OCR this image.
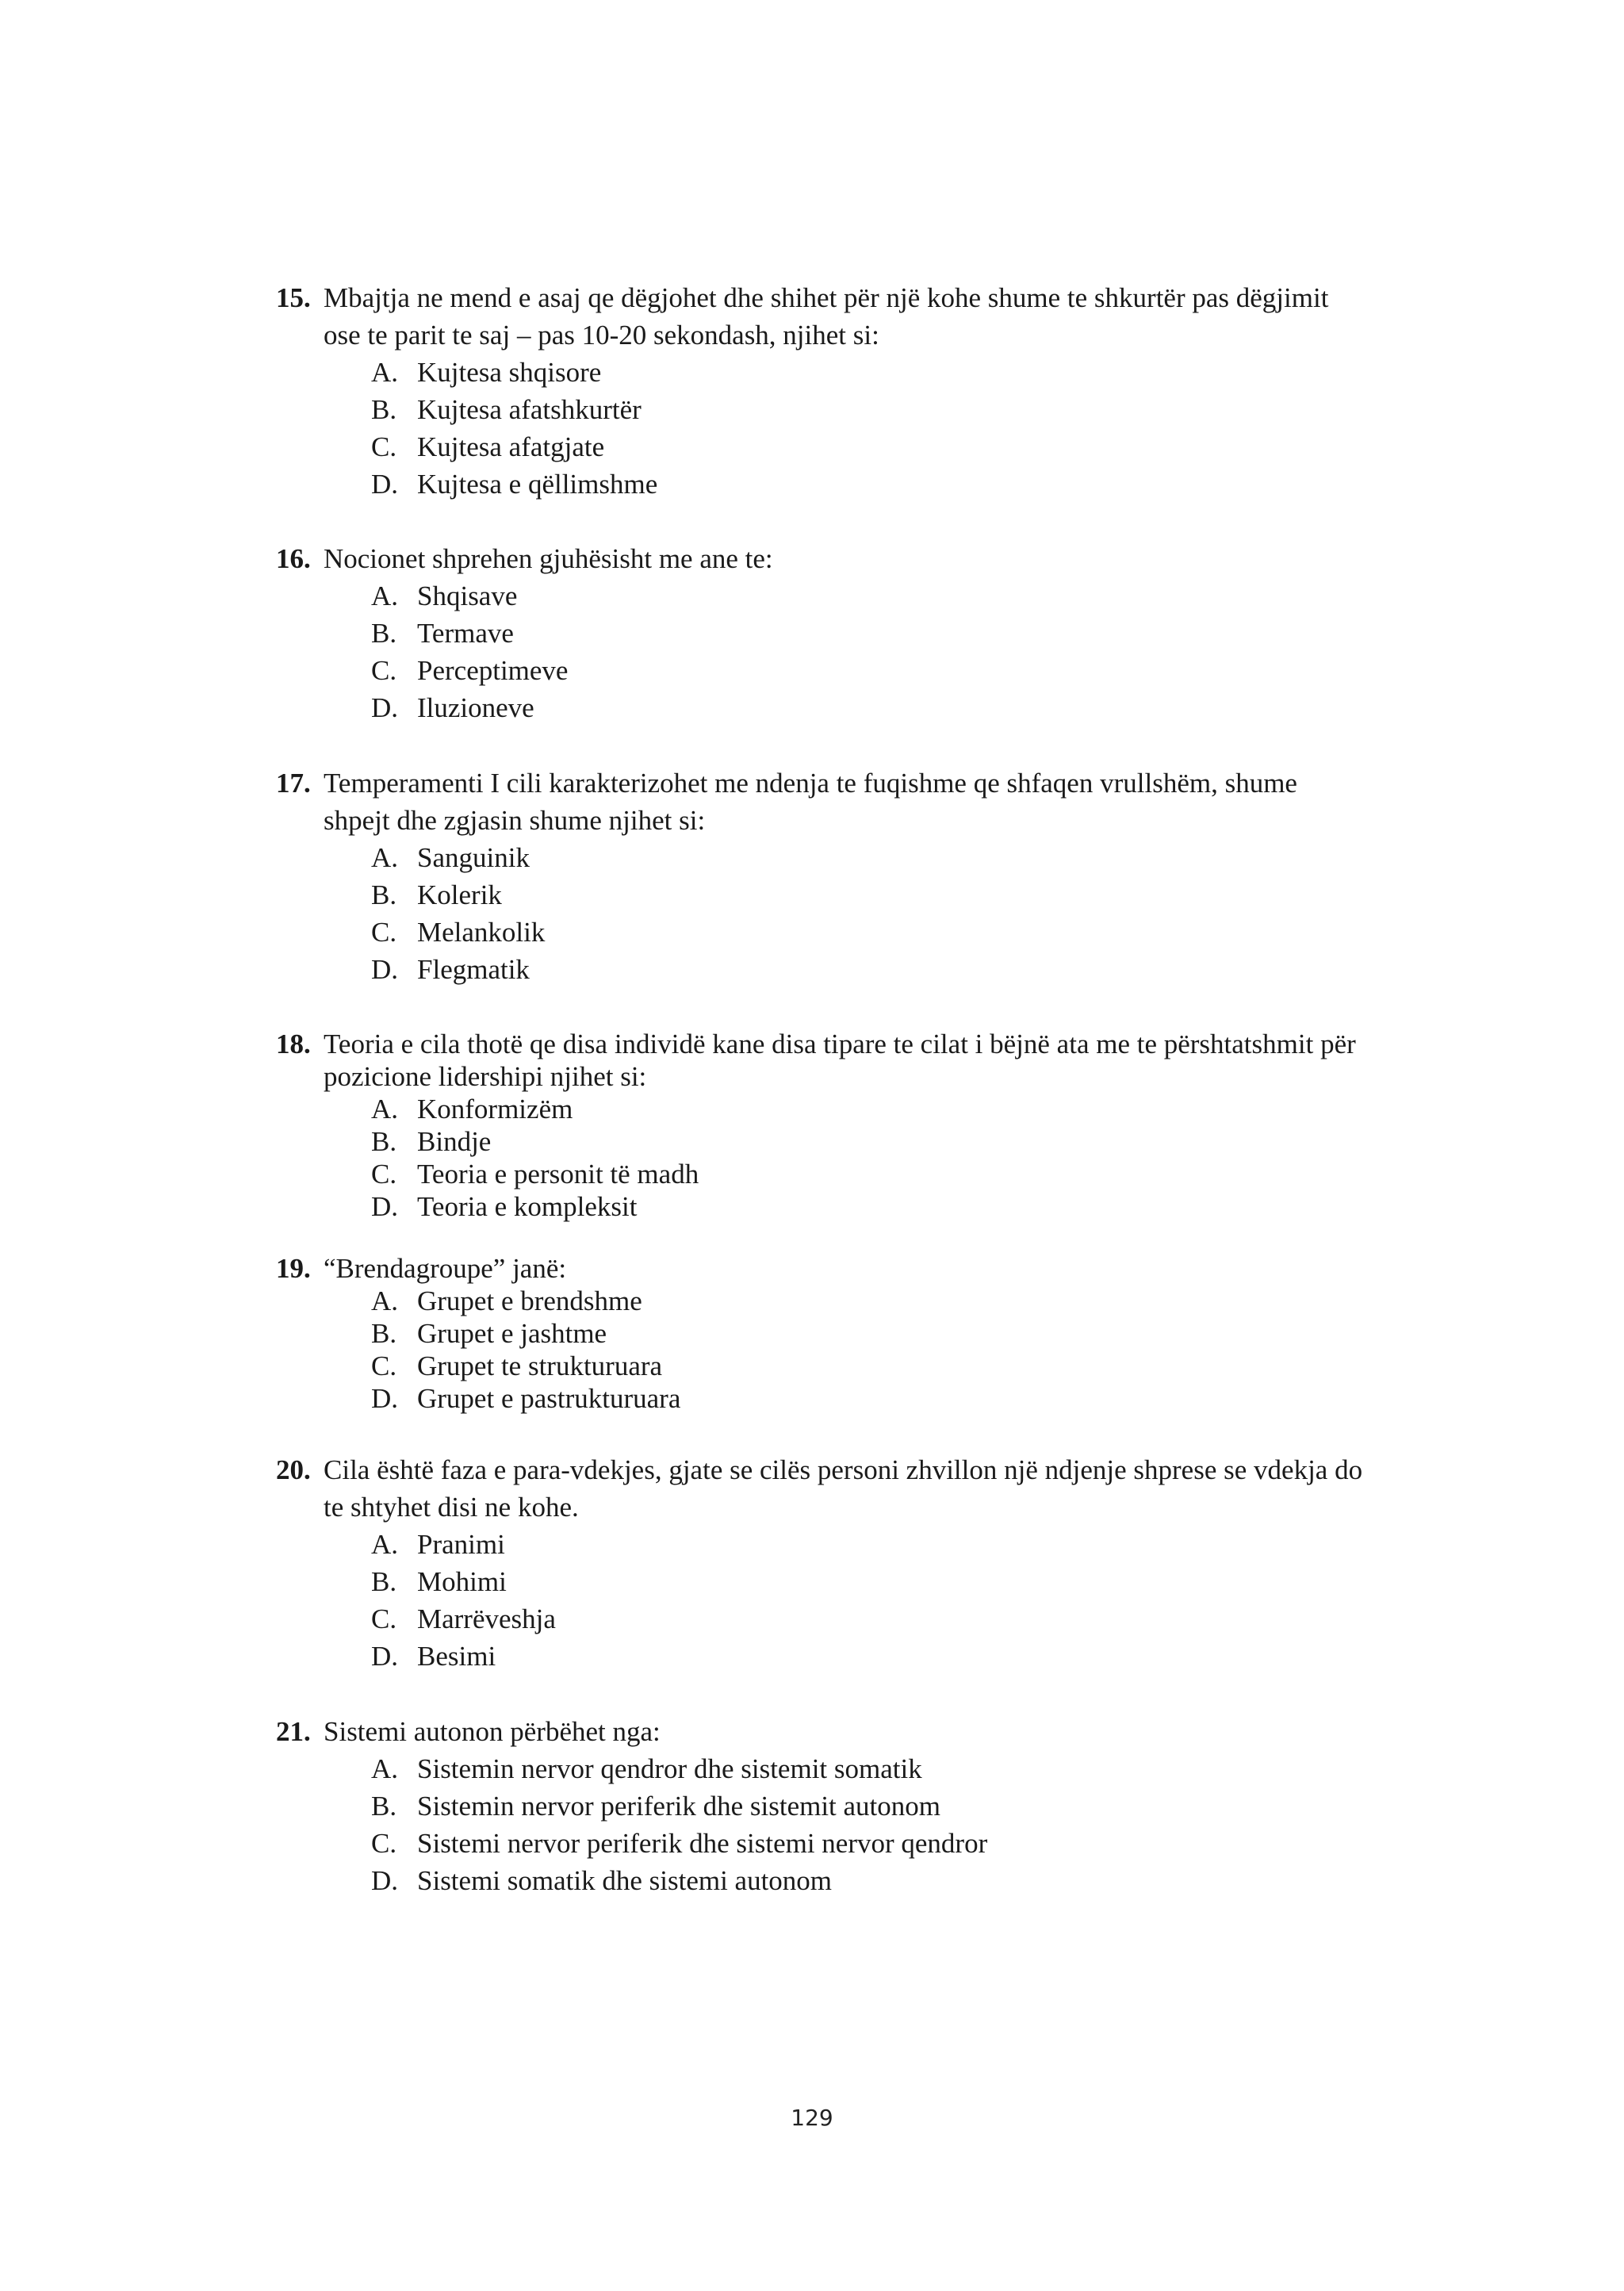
15. Mbajtja ne mend e asaj qe dëgjohet dhe shihet për një kohe shume te shkurtër pas dëgjimit
ose te parit te saj – pas 10-20 sekondash, njihet si:
A. Kujtesa shqisore
B. Kujtesa afatshkurtër
C. Kujtesa afatgjate
D. Kujtesa e qëllimshme
16. Nocionet shprehen gjuhësisht me ane te:
A. Shqisave
B. Termave
C. Perceptimeve
D. Iluzioneve
17. Temperamenti I cili karakterizohet me ndenja te fuqishme qe shfaqen vrullshëm, shume
shpejt dhe zgjasin shume njihet si:
A. Sanguinik
B. Kolerik
C. Melankolik
D. Flegmatik
18. Teoria e cila thotë qe disa individë kane disa tipare te cilat i bëjnë ata me te përshtatshmit për
pozicione lidershipi njihet si:
A. Konformizëm
B. Bindje
C. Teoria e personit të madh
D. Teoria e kompleksit
19. “Brendagroupe” janë:
A. Grupet e brendshme
B. Grupet e jashtme
C. Grupet te strukturuara
D. Grupet e pastrukturuara
20. Cila është faza e para-vdekjes, gjate se cilës personi zhvillon një ndjenje shprese se vdekja do
te shtyhet disi ne kohe.
A. Pranimi
B. Mohimi
C. Marrëveshja
D. Besimi
21. Sistemi autonon përbëhet nga:
A. Sistemin nervor qendror dhe sistemit somatik
B. Sistemin nervor periferik dhe sistemit autonom
C. Sistemi nervor periferik dhe sistemi nervor qendror
D. Sistemi somatik dhe sistemi autonom
129
